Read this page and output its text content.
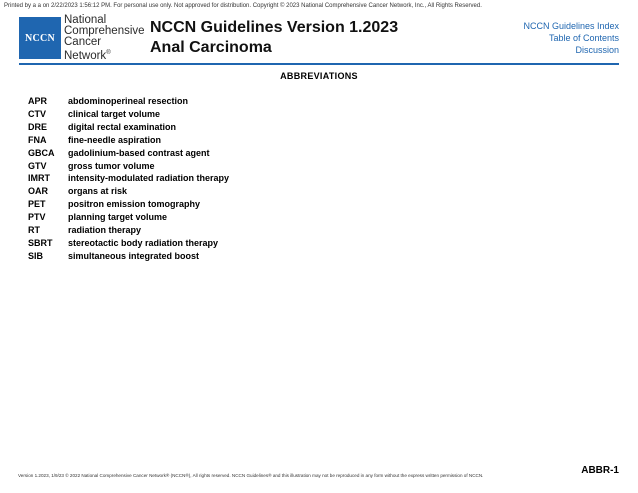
Printed by a a on 2/22/2023 1:56:12 PM. For personal use only. Not approved for distribution. Copyright © 2023 National Comprehensive Cancer Network, Inc., All Rights Reserved.
NCCN
National
Comprehensive
Cancer
Network®
NCCN Guidelines Version 1.2023
Anal Carcinoma
NCCN Guidelines Index
Table of Contents
Discussion
ABBREVIATIONS
APR	abdominoperineal resection
CTV	clinical target volume
DRE	digital rectal examination
FNA	fine-needle aspiration
GBCA	gadolinium-based contrast agent
GTV	gross tumor volume
IMRT	intensity-modulated radiation therapy
OAR	organs at risk
PET	positron emission tomography
PTV	planning target volume
RT	radiation therapy
SBRT	stereotactic body radiation therapy
SIB	simultaneous integrated boost
Version 1.2023, 1/9/23 © 2022 National Comprehensive Cancer Network® (NCCN®), All rights reserved. NCCN Guidelines® and this illustration may not be reproduced in any form without the express written permission of NCCN.	ABBR-1
